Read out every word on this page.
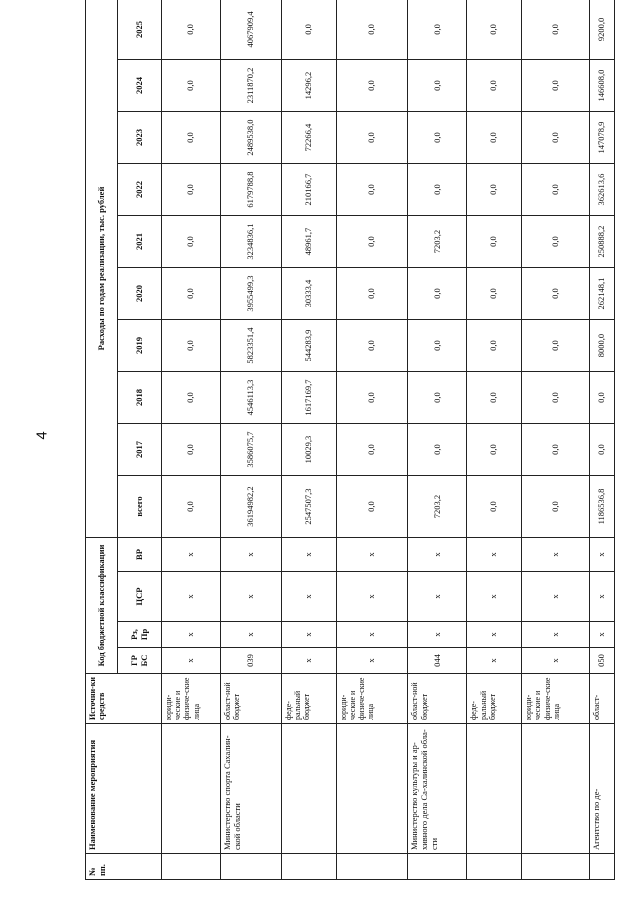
4
№ пп.	Наименование мероприятия	Источни-ки средств	Код бюджетной классификации				Расходы по годам реализации, тыс. рублей									
			ГР БС	Рз, Пр	ЦСР	ВР	всего	2017	2018	2019	2020	2021	2022	2023	2024	2025
		юриди-ческие и физиче-ские лица	х	х	х	х	0,0	0,0	0,0	0,0	0,0	0,0	0,0	0,0	0,0	0,0
	Министерство спорта Сахалин-ской области	област-ной бюджет	039	х	х	х	36194982,2	3586075,7	4546113,3	5823351,4	3955499,3	3234836,1	6179788,8	2489538,0	2311870,2	4067909,4
		феде-ральный бюджет	х	х	х	х	2547507,3	10029,3	1617169,7	544283,9	30333,4	48961,7	210166,7	72266,4	14296,2	0,0
		юриди-ческие и физиче-ские лица	х	х	х	х	0,0	0,0	0,0	0,0	0,0	0,0	0,0	0,0	0,0	0,0
	Министерство культуры и ар-хивного дела Са-халинской обла-сти	област-ной бюджет	044	х	х	х	7203,2	0,0	0,0	0,0	0,0	7203,2	0,0	0,0	0,0	0,0
		феде-ральный бюджет	х	х	х	х	0,0	0,0	0,0	0,0	0,0	0,0	0,0	0,0	0,0	0,0
		юриди-ческие и физиче-ские лица	х	х	х	х	0,0	0,0	0,0	0,0	0,0	0,0	0,0	0,0	0,0	0,0
	Агентство по де-	област-	050	х	х	х	1186536,8	0,0	0,0	8000,0	262148,1	250888,2	362613,6	147078,9	146608,0	9200,0
